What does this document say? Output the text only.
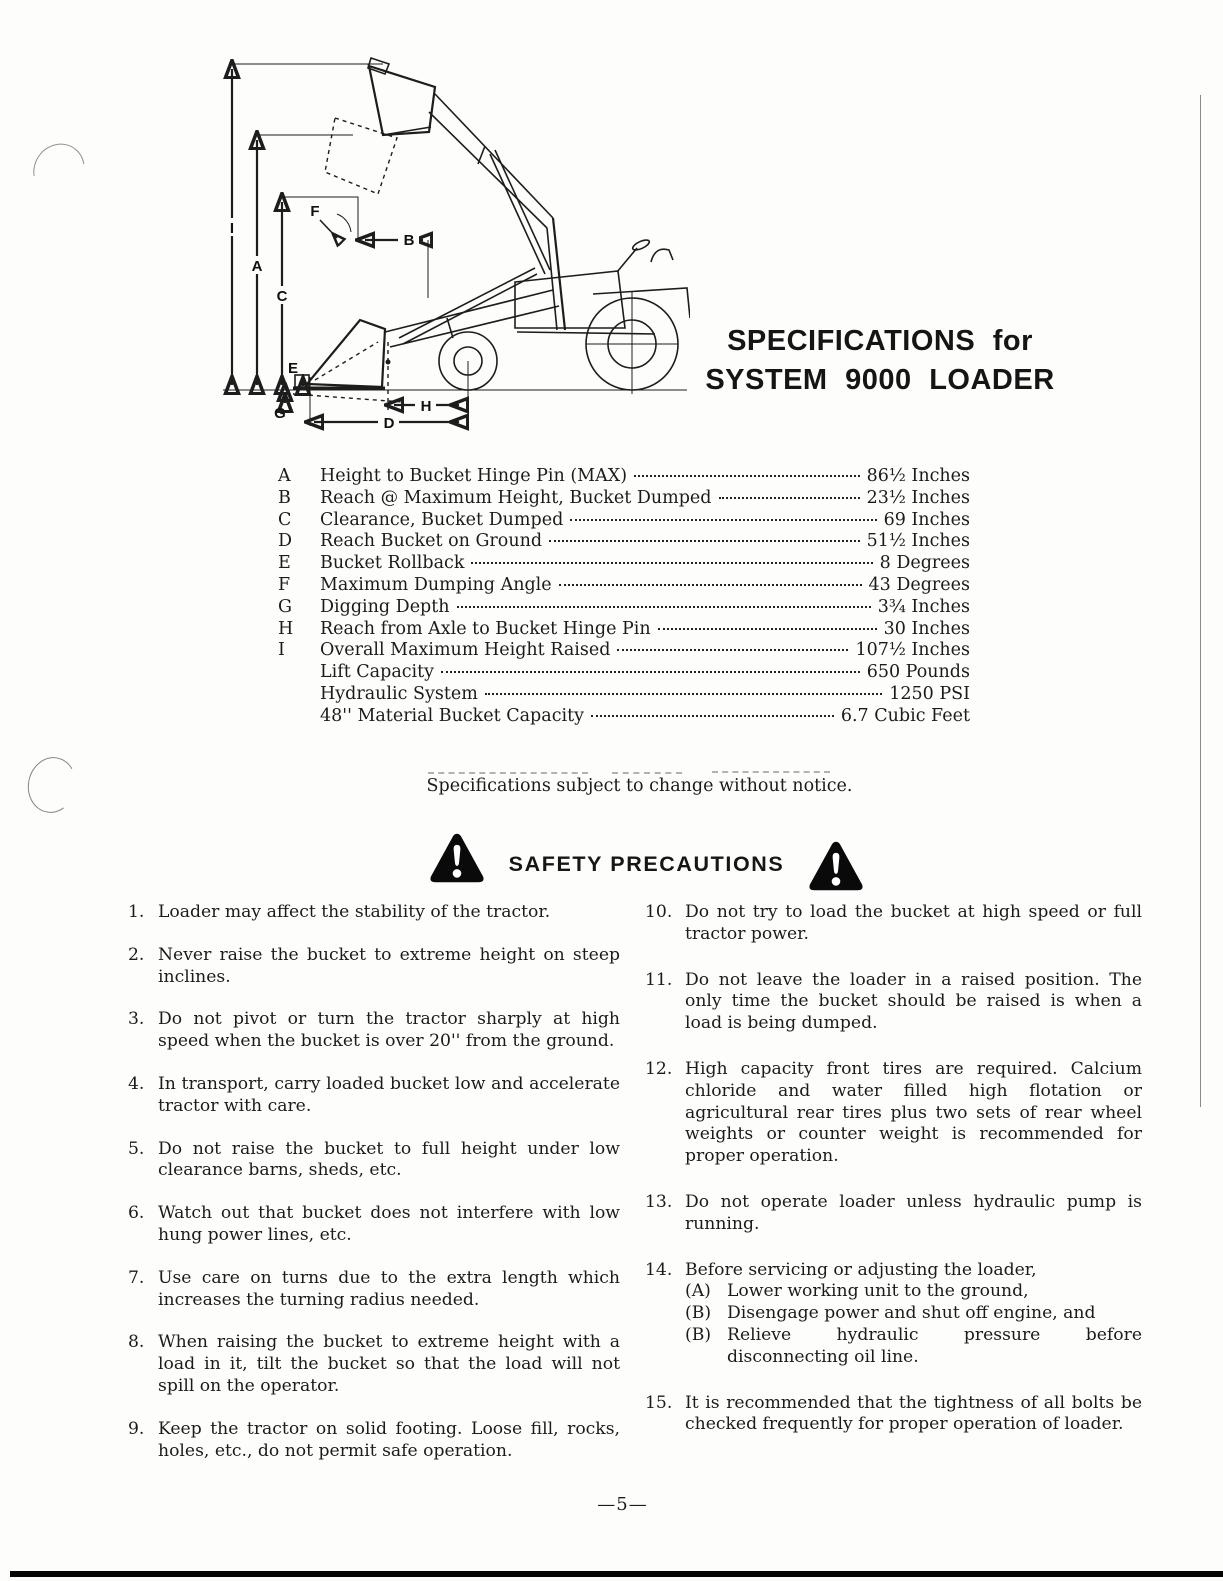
I
A
C
B
H
D
F
E
G
SPECIFICATIONS for
SYSTEM 9000 LOADER
A	Height to Bucket Hinge Pin (MAX)	86½ Inches
B	Reach @ Maximum Height, Bucket Dumped	23½ Inches
C	Clearance, Bucket Dumped	69 Inches
D	Reach Bucket on Ground	51½ Inches
E	Bucket Rollback	8 Degrees
F	Maximum Dumping Angle	43 Degrees
G	Digging Depth	3¾ Inches
H	Reach from Axle to Bucket Hinge Pin	30 Inches
I	Overall Maximum Height Raised	107½ Inches
Lift Capacity	650 Pounds
Hydraulic System	1250 PSI
48'' Material Bucket Capacity	6.7 Cubic Feet
Specifications subject to change without notice.
SAFETY PRECAUTIONS
1. Loader may affect the stability of the tractor.
2. Never raise the bucket to extreme height on steep inclines.
3. Do not pivot or turn the tractor sharply at high speed when the bucket is over 20'' from the ground.
4. In transport, carry loaded bucket low and accelerate tractor with care.
5. Do not raise the bucket to full height under low clearance barns, sheds, etc.
6. Watch out that bucket does not interfere with low hung power lines, etc.
7. Use care on turns due to the extra length which increases the turning radius needed.
8. When raising the bucket to extreme height with a load in it, tilt the bucket so that the load will not spill on the operator.
9. Keep the tractor on solid footing. Loose fill, rocks, holes, etc., do not permit safe operation.
10. Do not try to load the bucket at high speed or full tractor power.
11. Do not leave the loader in a raised position. The only time the bucket should be raised is when a load is being dumped.
12. High capacity front tires are required. Calcium chloride and water filled high flotation or agricultural rear tires plus two sets of rear wheel weights or counter weight is recommended for proper operation.
13. Do not operate loader unless hydraulic pump is running.
14. Before servicing or adjusting the loader,
(A) Lower working unit to the ground,
(B) Disengage power and shut off engine, and
(B) Relieve hydraulic pressure before disconnecting oil line.
15. It is recommended that the tightness of all bolts be checked frequently for proper operation of loader.
—5—
